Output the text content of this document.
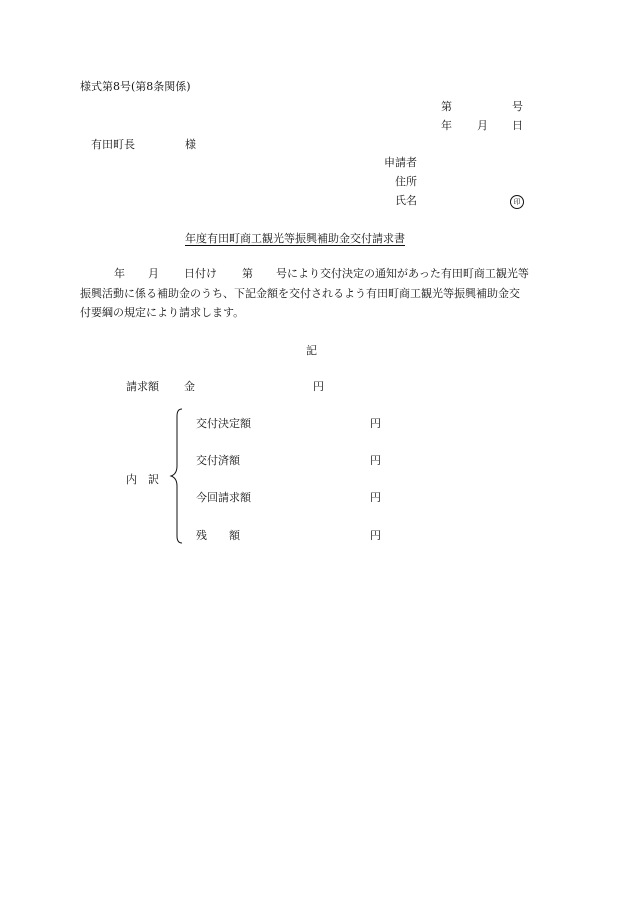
様式第8号(第8条関係)
第	号
年 月 日
有田町長	様
申請者
住所
氏名	印
年度有田町商工観光等振興補助金交付請求書
年 月 日付け 第 号により交付決定の通知があった有田町商工観光等
振興活動に係る補助金のうち、下記金額を交付されるよう有田町商工観光等振興補助金交
付要綱の規定により請求します。
記
請求額 金	円
内　訳
交付決定額	円
交付済額	円
今回請求額	円
残　　額	円
